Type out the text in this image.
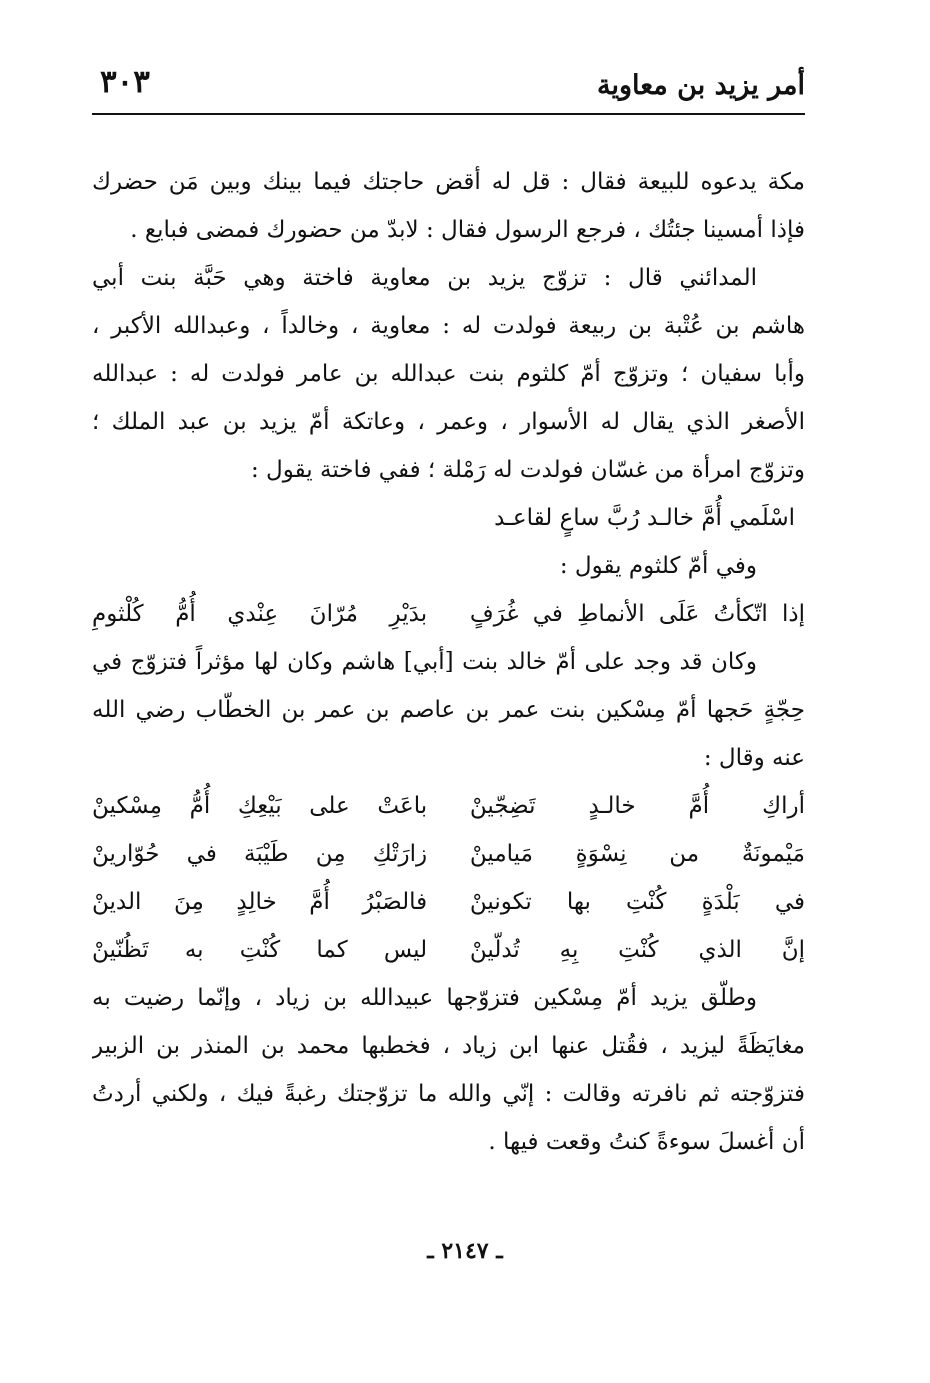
٣٠٣	أمر يزيد بن معاوية
مكة يدعوه للبيعة فقال : قل له أقض حاجتك فيما بينك وبين مَن حضرك
فإذا أمسينا جئتُك ، فرجع الرسول فقال : لابدّ من حضورك فمضى فبايع .
المدائني قال : تزوّج يزيد بن معاوية فاختة وهي حَبَّة بنت أبي
هاشم بن عُتْبة بن ربيعة فولدت له : معاوية ، وخالداً ، وعبدالله الأكبر ،
وأبا سفيان ؛ وتزوّج أمّ كلثوم بنت عبدالله بن عامر فولدت له : عبدالله
الأصغر الذي يقال له الأسوار ، وعمر ، وعاتكة أمّ يزيد بن عبد الملك ؛
وتزوّج امرأة من غسّان فولدت له رَمْلة ؛ ففي فاختة يقول :
اسْلَمي أُمَّ خالـد رُبَّ ساعٍ لقاعـد
وفي أمّ كلثوم يقول :
إذا اتّكأتُ عَلَى الأنماطِ في غُرَفٍ
بدَيْرِ مُرّانَ عِنْدي أُمُّ كُلْثومِ
وكان قد وجد على أمّ خالد بنت [أبي] هاشم وكان لها مؤثراً فتزوّج في
حِجّةٍ حَجها أمّ مِسْكين بنت عمر بن عاصم بن عمر بن الخطّاب رضي الله
عنه وقال :
أراكِ أُمَّ خالـدٍ تَضِجّينْ
باعَتْ على بَيْعِكِ أُمُّ مِسْكينْ
مَيْمونَةٌ من نِسْوَةٍ مَيامينْ
زارَتْكِ مِن طَيْبَة في حُوّارينْ
في بَلْدَةٍ كُنْتِ بها تكونينْ
فالصَبْرُ أُمَّ خالِدٍ مِنَ الدينْ
إنَّ الذي كُنْتِ بِهِ تُدلّينْ
ليس كما كُنْتِ به تَظُنّينْ
وطلّق يزيد أمّ مِسْكين فتزوّجها عبيدالله بن زياد ، وإنّما رضيت به
مغايَظَةً ليزيد ، فقُتل عنها ابن زياد ، فخطبها محمد بن المنذر بن الزبير
فتزوّجته ثم نافرته وقالت : إنّي والله ما تزوّجتك رغبةً فيك ، ولكني أردتُ
أن أغسلَ سوءةً كنتُ وقعت فيها .
ـ ٢١٤٧ ـ
